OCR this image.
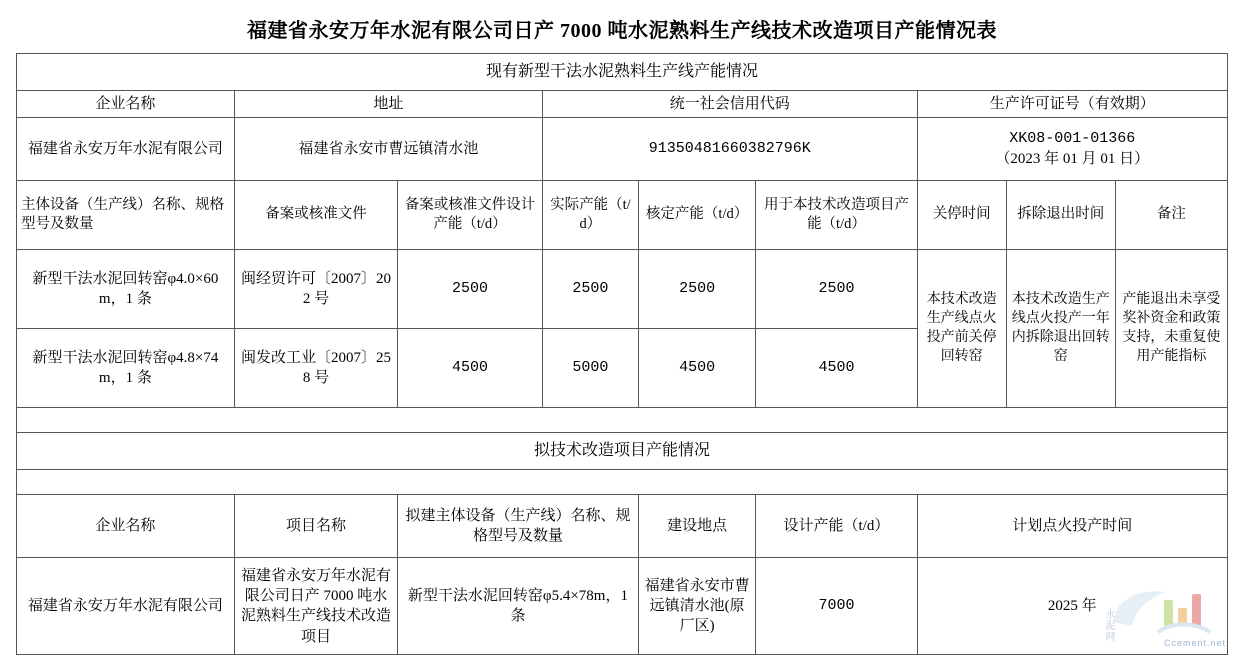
福建省永安万年水泥有限公司日产 7000 吨水泥熟料生产线技术改造项目产能情况表
现有新型干法水泥熟料生产线产能情况								
企业名称	地址		统一社会信用代码			生产许可证号（有效期）		
福建省永安万年水泥有限公司	福建省永安市曹远镇清水池		91350481660382796K			XK08-001-01366
（2023 年 01 月 01 日）		

主体设备（生产线）名称、规格型号及数量	备案或核准文件	备案或核准文件设计产能（t/d）	实际产能（t/d）	核定产能（t/d）	用于本技术改造项目产能（t/d）	关停时间	拆除退出时间	备注
新型干法水泥回转窑φ4.0×60m，1 条	闽经贸许可〔2007〕202 号	2500	2500	2500	2500	本技术改造生产线点火投产前关停回转窑	本技术改造生产线点火投产一年内拆除退出回转窑	产能退出未享受奖补资金和政策支持，未重复使用产能指标
新型干法水泥回转窑φ4.8×74m，1 条	闽发改工业〔2007〕258 号	4500	5000	4500	4500			

拟技术改造项目产能情况								

企业名称	项目名称	拟建主体设备（生产线）名称、规格型号及数量		建设地点	设计产能（t/d）	计划点火投产时间		
福建省永安万年水泥有限公司	福建省永安万年水泥有限公司日产 7000 吨水泥熟料生产线技术改造项目	新型干法水泥回转窑φ5.4×78m，1 条		福建省永安市曹远镇清水池(原厂区)	7000	2025 年		
Ccement.net
水泥网
